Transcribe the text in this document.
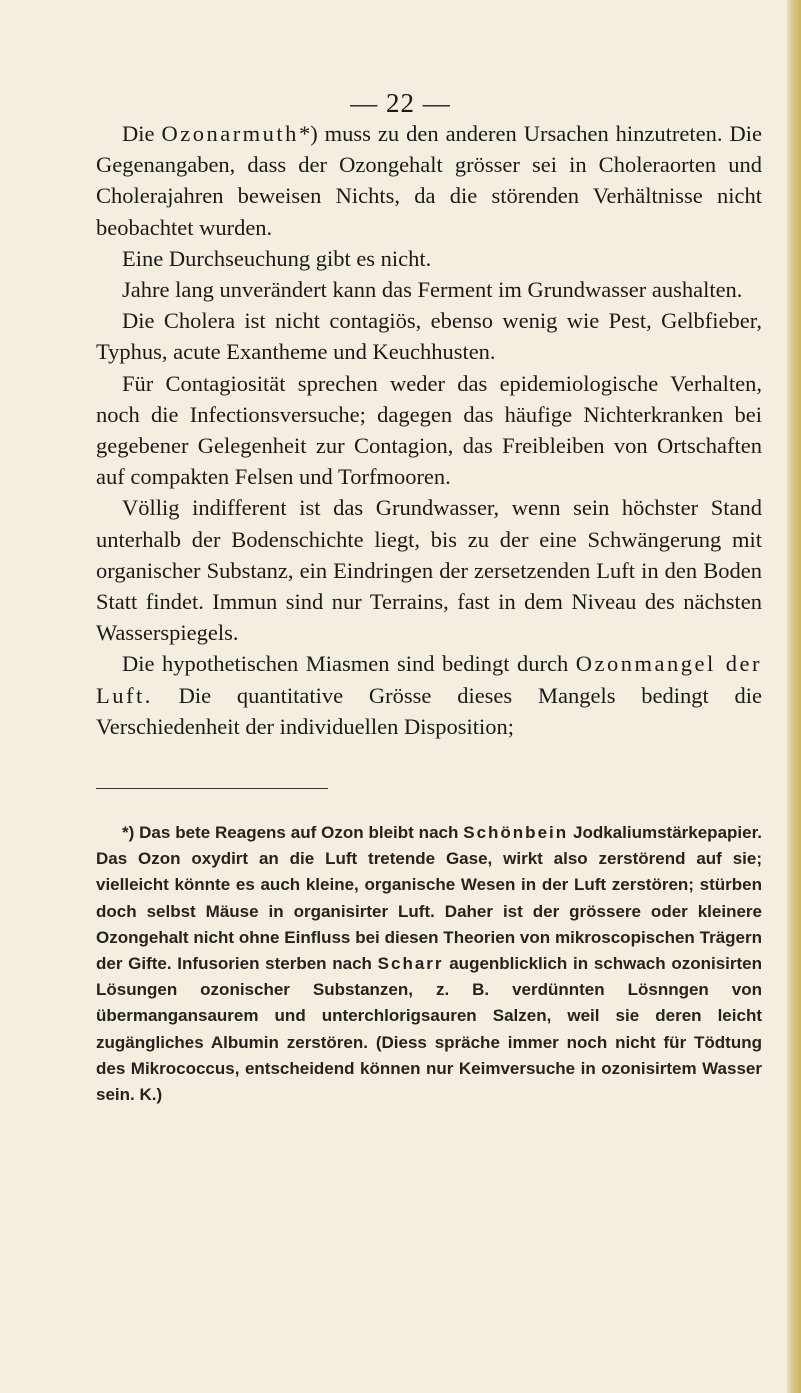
— 22 —

Die Ozonarmuth*) muss zu den anderen Ursachen hinzutreten. Die Gegenangaben, dass der Ozongehalt grösser sei in Choleraorten und Cholerajahren beweisen Nichts, da die störenden Verhältnisse nicht beobachtet wurden.

Eine Durchseuchung gibt es nicht.

Jahre lang unverändert kann das Ferment im Grundwasser aushalten.

Die Cholera ist nicht contagiös, ebenso wenig wie Pest, Gelbfieber, Typhus, acute Exantheme und Keuchhusten.

Für Contagiosität sprechen weder das epidemiologische Verhalten, noch die Infectionsversuche; dagegen das häufige Nichterkranken bei gegebener Gelegenheit zur Contagion, das Freibleiben von Ortschaften auf compakten Felsen und Torfmooren.

Völlig indifferent ist das Grundwasser, wenn sein höchster Stand unterhalb der Bodenschichte liegt, bis zu der eine Schwängerung mit organischer Substanz, ein Eindringen der zersetzenden Luft in den Boden Statt findet. Immun sind nur Terrains, fast in dem Niveau des nächsten Wasserspiegels.

Die hypothetischen Miasmen sind bedingt durch Ozonmangel der Luft. Die quantitative Grösse dieses Mangels bedingt die Verschiedenheit der individuellen Disposition;

*) Das bete Reagens auf Ozon bleibt nach Schönbein Jodkaliumstärkepapier. Das Ozon oxydirt an die Luft tretende Gase, wirkt also zerstörend auf sie; vielleicht könnte es auch kleine, organische Wesen in der Luft zerstören; stürben doch selbst Mäuse in organisirter Luft. Daher ist der grössere oder kleinere Ozongehalt nicht ohne Einfluss bei diesen Theorien von mikroscopischen Trägern der Gifte. Infusorien sterben nach Scharr augenblicklich in schwach ozonisirten Lösungen ozonischer Substanzen, z. B. verdünnten Lösnngen von übermangansaurem und unterchlorigsauren Salzen, weil sie deren leicht zugängliches Albumin zerstören. (Diess spräche immer noch nicht für Tödtung des Mikrococcus, entscheidend können nur Keimversuche in ozonisirtem Wasser sein. K.)
